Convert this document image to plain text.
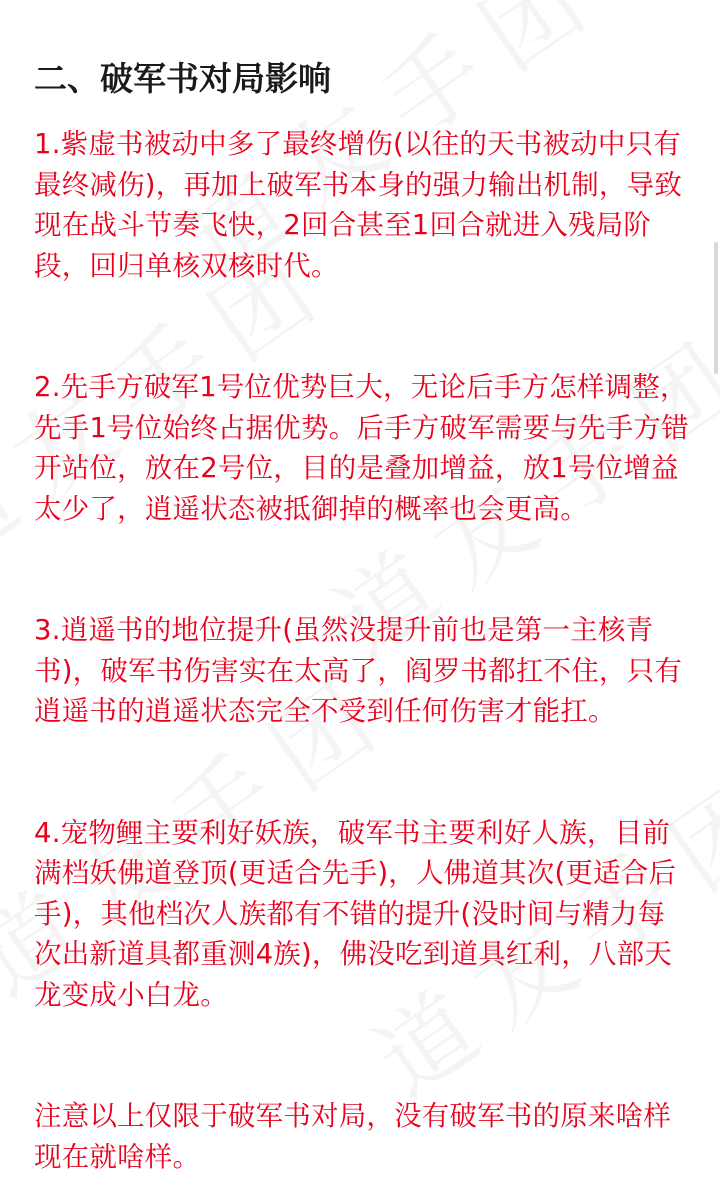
二、破军书对局影响

1.紫虚书被动中多了最终增伤(以往的天书被动中只有最终减伤)，再加上破军书本身的强力输出机制，导致现在战斗节奏飞快，2回合甚至1回合就进入残局阶段，回归单核双核时代。

2.先手方破军1号位优势巨大，无论后手方怎样调整，先手1号位始终占据优势。后手方破军需要与先手方错开站位，放在2号位，目的是叠加增益，放1号位增益太少了，逍遥状态被抵御掉的概率也会更高。

3.逍遥书的地位提升(虽然没提升前也是第一主核青书)，破军书伤害实在太高了，阎罗书都扛不住，只有逍遥书的逍遥状态完全不受到任何伤害才能扛。

4.宠物鲤主要利好妖族，破军书主要利好人族，目前满档妖佛道登顶(更适合先手)，人佛道其次(更适合后手)，其他档次人族都有不错的提升(没时间与精力每次出新道具都重测4族)，佛没吃到道具红利，八部天龙变成小白龙。

注意以上仅限于破军书对局，没有破军书的原来啥样现在就啥样。
